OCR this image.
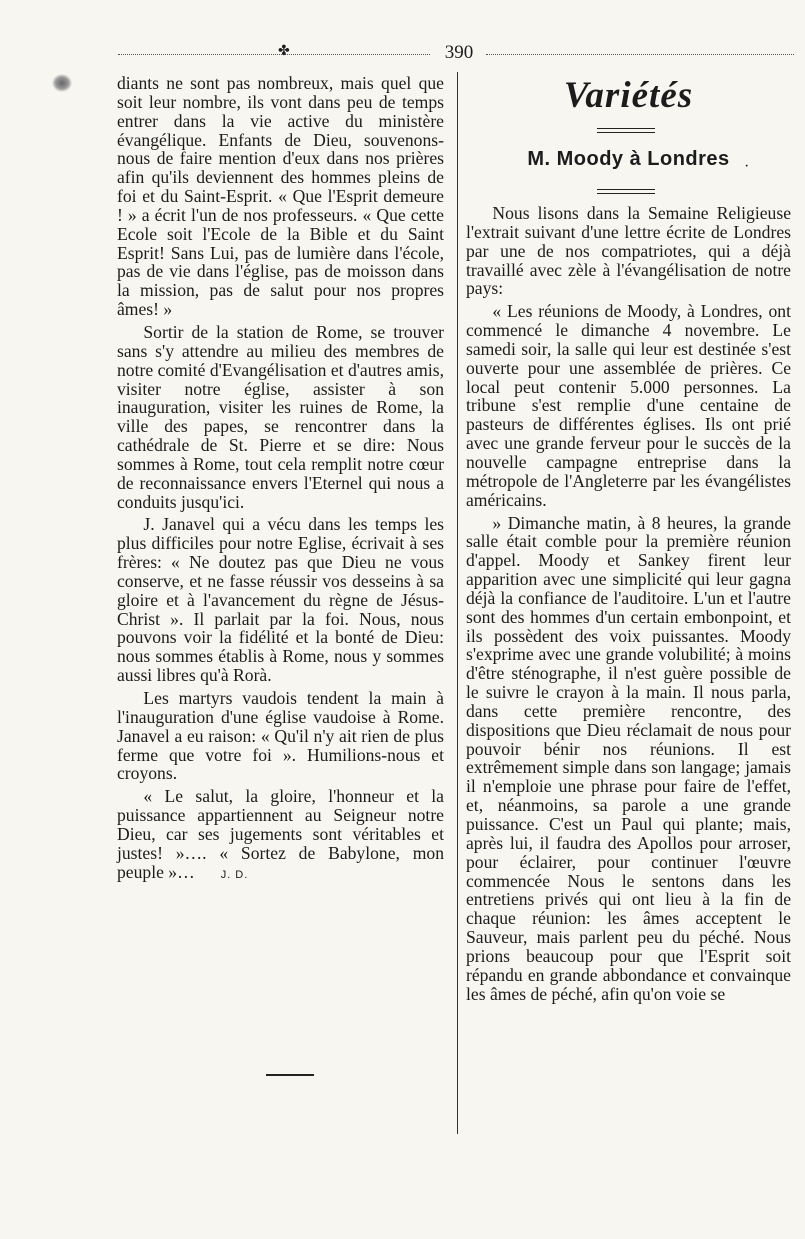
✤	390

diants ne sont pas nombreux, mais quel que soit leur nombre, ils vont dans peu de temps entrer dans la vie active du ministère évangélique. Enfants de Dieu, souvenons-nous de faire mention d'eux dans nos prières afin qu'ils deviennent des hommes pleins de foi et du Saint-Esprit. « Que l'Esprit demeure ! » a écrit l'un de nos professeurs. « Que cette Ecole soit l'Ecole de la Bible et du Saint Esprit! Sans Lui, pas de lumière dans l'école, pas de vie dans l'église, pas de moisson dans la mission, pas de salut pour nos propres âmes! »

Sortir de la station de Rome, se trouver sans s'y attendre au milieu des membres de notre comité d'Evangélisation et d'autres amis, visiter notre église, assister à son inauguration, visiter les ruines de Rome, la ville des papes, se rencontrer dans la cathédrale de St. Pierre et se dire: Nous sommes à Rome, tout cela remplit notre cœur de reconnaissance envers l'Eternel qui nous a conduits jusqu'ici.

J. Janavel qui a vécu dans les temps les plus difficiles pour notre Eglise, écrivait à ses frères: « Ne doutez pas que Dieu ne vous conserve, et ne fasse réussir vos desseins à sa gloire et à l'avancement du règne de Jésus-Christ ». Il parlait par la foi. Nous, nous pouvons voir la fidélité et la bonté de Dieu: nous sommes établis à Rome, nous y sommes aussi libres qu'à Rorà.

Les martyrs vaudois tendent la main à l'inauguration d'une église vaudoise à Rome. Janavel a eu raison: « Qu'il n'y ait rien de plus ferme que votre foi ». Humilions-nous et croyons.

« Le salut, la gloire, l'honneur et la puissance appartiennent au Seigneur notre Dieu, car ses jugements sont véritables et justes! »…. « Sortez de Babylone, mon peuple »… J. D.

Variétés
M. Moody à Londres ·

Nous lisons dans la Semaine Religieuse l'extrait suivant d'une lettre écrite de Londres par une de nos compatriotes, qui a déjà travaillé avec zèle à l'évangélisation de notre pays:

« Les réunions de Moody, à Londres, ont commencé le dimanche 4 novembre. Le samedi soir, la salle qui leur est destinée s'est ouverte pour une assemblée de prières. Ce local peut contenir 5.000 personnes. La tribune s'est remplie d'une centaine de pasteurs de différentes églises. Ils ont prié avec une grande ferveur pour le succès de la nouvelle campagne entreprise dans la métropole de l'Angleterre par les évangélistes américains.

» Dimanche matin, à 8 heures, la grande salle était comble pour la première réunion d'appel. Moody et Sankey firent leur apparition avec une simplicité qui leur gagna déjà la confiance de l'auditoire. L'un et l'autre sont des hommes d'un certain embonpoint, et ils possèdent des voix puissantes. Moody s'exprime avec une grande volubilité; à moins d'être sténographe, il n'est guère possible de le suivre le crayon à la main. Il nous parla, dans cette première rencontre, des dispositions que Dieu réclamait de nous pour pouvoir bénir nos réunions. Il est extrêmement simple dans son langage; jamais il n'emploie une phrase pour faire de l'effet, et, néanmoins, sa parole a une grande puissance. C'est un Paul qui plante; mais, après lui, il faudra des Apollos pour arroser, pour éclairer, pour continuer l'œuvre commencée Nous le sentons dans les entretiens privés qui ont lieu à la fin de chaque réunion: les âmes acceptent le Sauveur, mais parlent peu du péché. Nous prions beaucoup pour que l'Esprit soit répandu en grande abbondance et convainque les âmes de péché, afin qu'on voie se
